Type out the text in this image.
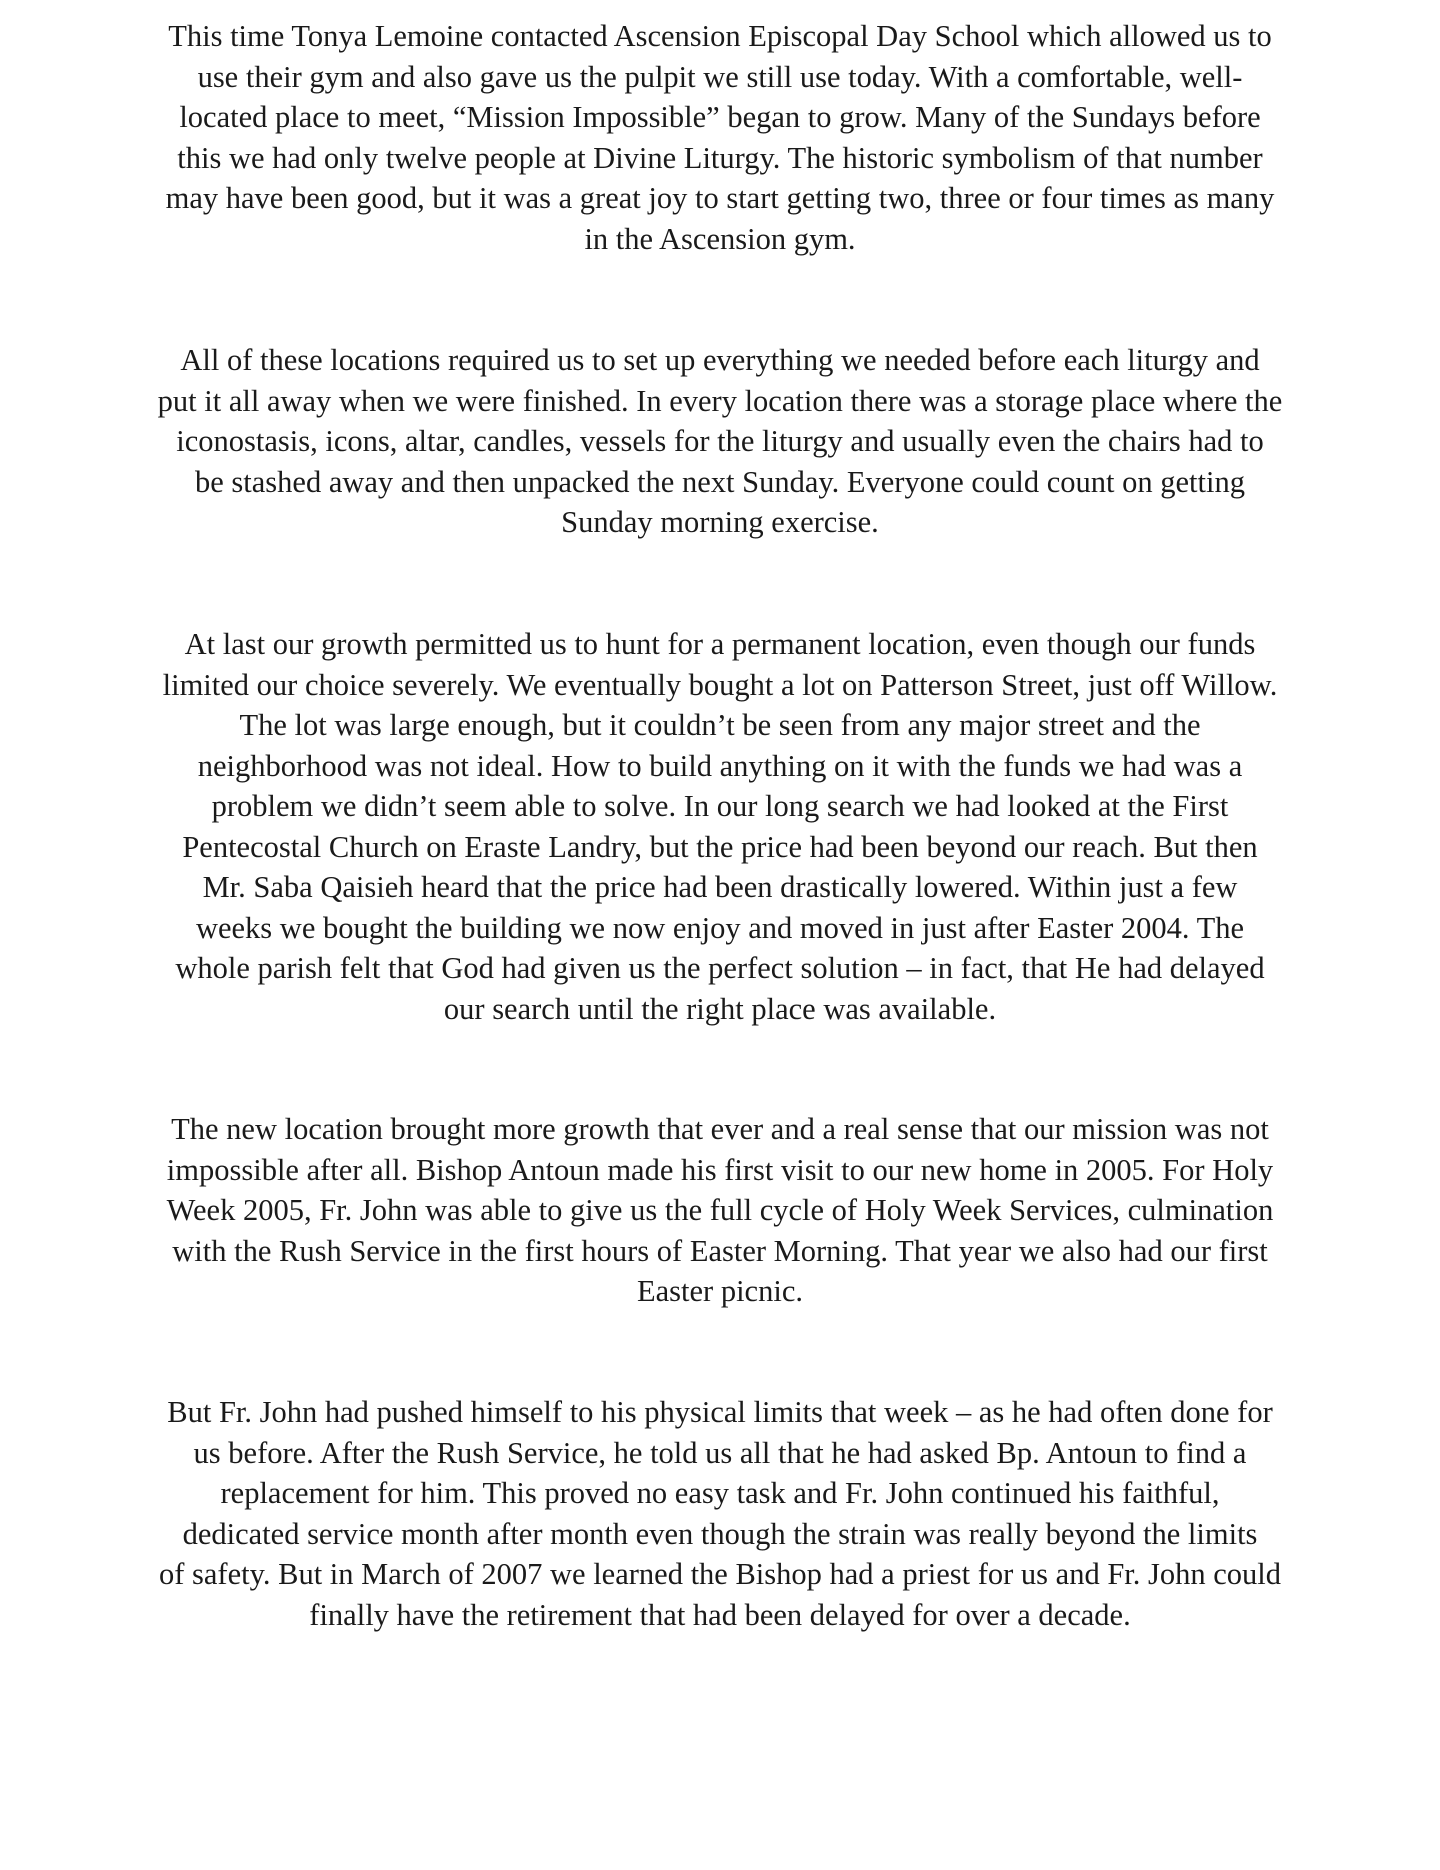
This time Tonya Lemoine contacted Ascension Episcopal Day School which allowed us to
use their gym and also gave us the pulpit we still use today. With a comfortable, well-
located place to meet, “Mission Impossible” began to grow. Many of the Sundays before
this we had only twelve people at Divine Liturgy. The historic symbolism of that number
may have been good, but it was a great joy to start getting two, three or four times as many
in the Ascension gym.

All of these locations required us to set up everything we needed before each liturgy and
put it all away when we were finished. In every location there was a storage place where the
iconostasis, icons, altar, candles, vessels for the liturgy and usually even the chairs had to
be stashed away and then unpacked the next Sunday. Everyone could count on getting
Sunday morning exercise.

At last our growth permitted us to hunt for a permanent location, even though our funds
limited our choice severely. We eventually bought a lot on Patterson Street, just off Willow.
The lot was large enough, but it couldn’t be seen from any major street and the
neighborhood was not ideal. How to build anything on it with the funds we had was a
problem we didn’t seem able to solve. In our long search we had looked at the First
Pentecostal Church on Eraste Landry, but the price had been beyond our reach. But then
Mr. Saba Qaisieh heard that the price had been drastically lowered. Within just a few
weeks we bought the building we now enjoy and moved in just after Easter 2004. The
whole parish felt that God had given us the perfect solution – in fact, that He had delayed
our search until the right place was available.

The new location brought more growth that ever and a real sense that our mission was not
impossible after all. Bishop Antoun made his first visit to our new home in 2005. For Holy
Week 2005, Fr. John was able to give us the full cycle of Holy Week Services, culmination
with the Rush Service in the first hours of Easter Morning. That year we also had our first
Easter picnic.

But Fr. John had pushed himself to his physical limits that week – as he had often done for
us before. After the Rush Service, he told us all that he had asked Bp. Antoun to find a
replacement for him. This proved no easy task and Fr. John continued his faithful,
dedicated service month after month even though the strain was really beyond the limits
of safety. But in March of 2007 we learned the Bishop had a priest for us and Fr. John could
finally have the retirement that had been delayed for over a decade.
